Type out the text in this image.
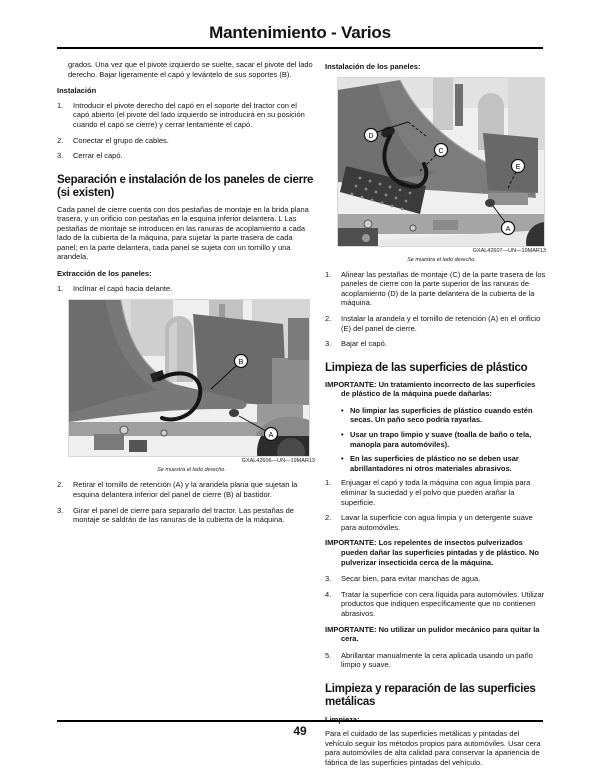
Mantenimiento - Varios

grados. Una vez que el pivote izquierdo se suelte, sacar el pivote del lado derecho. Bajar ligeramente el capó y levántelo de sus soportes (B).

Instalación
1.	Introducir el pivote derecho del capó en el soporte del tractor con el capó abierto (el pivote del lado izquierdo se introducirá en su posición cuando el capó se cierre) y cerrar lentamente el capó.
2.	Conectar el grupo de cables.
3.	Cerrar el capó.
Separación e instalación de los paneles de cierre (si existen)

Cada panel de cierre cuenta con dos pestañas de montaje en la brida plana trasera, y un orificio con pestañas en la esquina inferior delantera. L Las pestañas de montaje se introducen en las ranuras de acoplamiento a cada lado de la cubierta de la máquina, para sujetar la parte trasera de cada panel; en la parte delantera, cada panel se sujeta con un tornillo y una arandela.

Extracción de los paneles:
1.	Inclinar el capó hacia delante.
B
A
GXAL42606—UN—19MAR13
Se muestra el lado derecho.
2.	Retirar el tornillo de retención (A) y la arandela plana que sujetan la esquina delantera inferior del panel de cierre (B) al bastidor.
3.	Girar el panel de cierre para separarlo del tractor. Las pestañas de montaje se saldrán de las ranuras de la cubierta de la máquina.
Instalación de los paneles:
D
C
E
A
GXAL42607—UN—19MAR13
Se muestra el lado derecho.
1.	Alinear las pestañas de montaje (C) de la parte trasera de los paneles de cierre con la parte superior de las ranuras de acoplamiento (D) de la parte delantera de la cubierta de la máquina.
2.	Instalar la arandela y el tornillo de retención (A) en el orificio (E) del panel de cierre.
3.	Bajar el capó.
Limpieza de las superficies de plástico

IMPORTANTE: Un tratamiento incorrecto de las superficies de plástico de la máquina puede dañarlas:

• No limpiar las superficies de plástico cuando estén secas. Un paño seco podría rayarlas.
• Usar un trapo limpio y suave (toalla de baño o tela, manopla para automóviles).
• En las superficies de plástico no se deben usar abrillantadores ni otros materiales abrasivos.
1.	Enjuagar el capó y toda la máquina con agua limpia para eliminar la suciedad y el polvo que pueden arañar la superficie.
2.	Lavar la superficie con agua limpia y un detergente suave para automóviles.

IMPORTANTE: Los repelentes de insectos pulverizados pueden dañar las superficies pintadas y de plástico. No pulverizar insecticida cerca de la máquina.

3.	Secar bien, para evitar manchas de agua.
4.	Tratar la superficie con cera líquida para automóviles. Utilizar productos que indiquen específicamente que no contienen abrasivos.

IMPORTANTE: No utilizar un pulidor mecánico para quitar la cera.

5.	Abrillantar manualmente la cera aplicada usando un paño limpio y suave.
Limpieza y reparación de las superficies metálicas

Para el cuidado de las superficies metálicas y pintadas del vehículo seguir los métodos propios para automóviles. Usar cera para automóviles de alta calidad para conservar la apariencia de fábrica de las superficies pintadas del vehículo.

49
